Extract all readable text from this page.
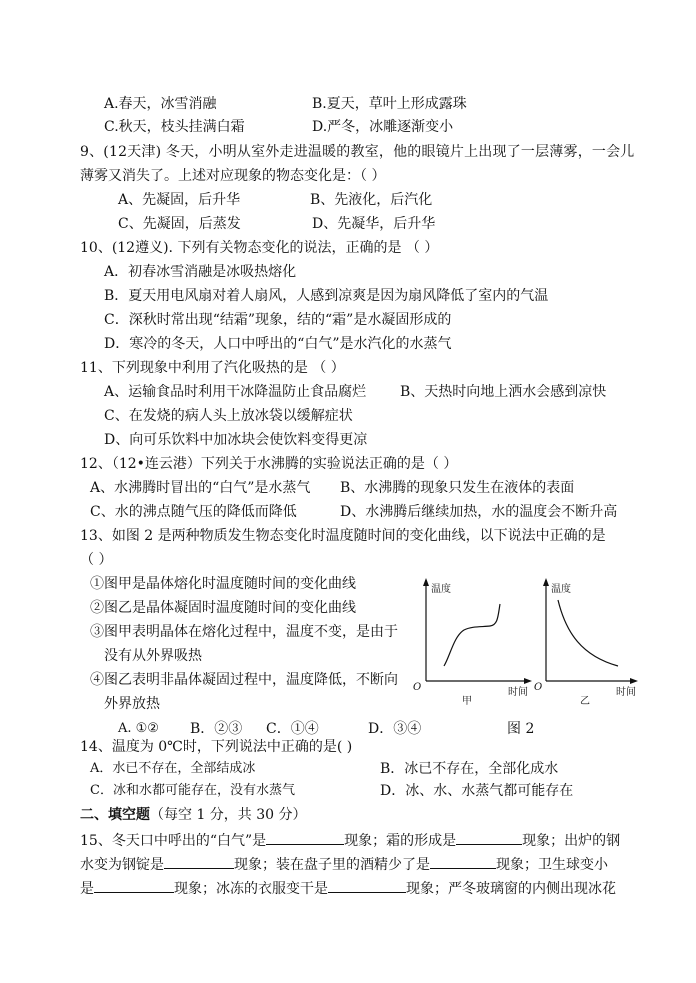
A.春天，冰雪消融	B.夏天，草叶上形成露珠
C.秋天，枝头挂满白霜	D.严冬，冰雕逐渐变小
9、(12天津) 冬天，小明从室外走进温暖的教室，他的眼镜片上出现了一层薄雾，一会儿
薄雾又消失了。上述对应现象的物态变化是：（ ）
A、先凝固，后升华	B、先液化，后汽化
C、先凝固，后蒸发	D、先凝华，后升华
10、(12遵义). 下列有关物态变化的说法，正确的是 （ ）
A．初春冰雪消融是冰吸热熔化
B．夏天用电风扇对着人扇风，人感到凉爽是因为扇风降低了室内的气温
C．深秋时常出现“结霜”现象，结的“霜”是水凝固形成的
D．寒冷的冬天，人口中呼出的“白气”是水汽化的水蒸气
11、下列现象中利用了汽化吸热的是 （ ）
A、运输食品时利用干冰降温防止食品腐烂 B、天热时向地上洒水会感到凉快
C、在发烧的病人头上放冰袋以缓解症状
D、向可乐饮料中加冰块会使饮料变得更凉
12、（12•连云港）下列关于水沸腾的实验说法正确的是（ ）
A、水沸腾时冒出的“白气”是水蒸气 B、水沸腾的现象只发生在液体的表面
C、水的沸点随气压的降低而降低	D、水沸腾后继续加热，水的温度会不断升高
13、如图 2 是两种物质发生物态变化时温度随时间的变化曲线，以下说法中正确的是
（ ）
①图甲是晶体熔化时温度随时间的变化曲线
②图乙是晶体凝固时温度随时间的变化曲线
③图甲表明晶体在熔化过程中，温度不变，是由于
没有从外界吸热
④图乙表明非晶体凝固过程中，温度降低，不断向
外界放热
A. ①② B．②③ C．①④	D．③④	图 2
温度
O	时间
甲
温度
O	时间
乙
14、温度为 0℃时，下列说法中正确的是( )
A．水已不存在，全部结成冰	B．冰已不存在，全部化成水
C．冰和水都可能存在，没有水蒸气	D．冰、水、水蒸气都可能存在
二、填空题（每空 1 分，共 30 分）
15、冬天口中呼出的“白气”是	现象；霜的形成是	现象；出炉的钢
水变为钢锭是	现象；装在盘子里的酒精少了是	现象；卫生球变小
是	现象；冰冻的衣服变干是	现象；严冬玻璃窗的内侧出现冰花
